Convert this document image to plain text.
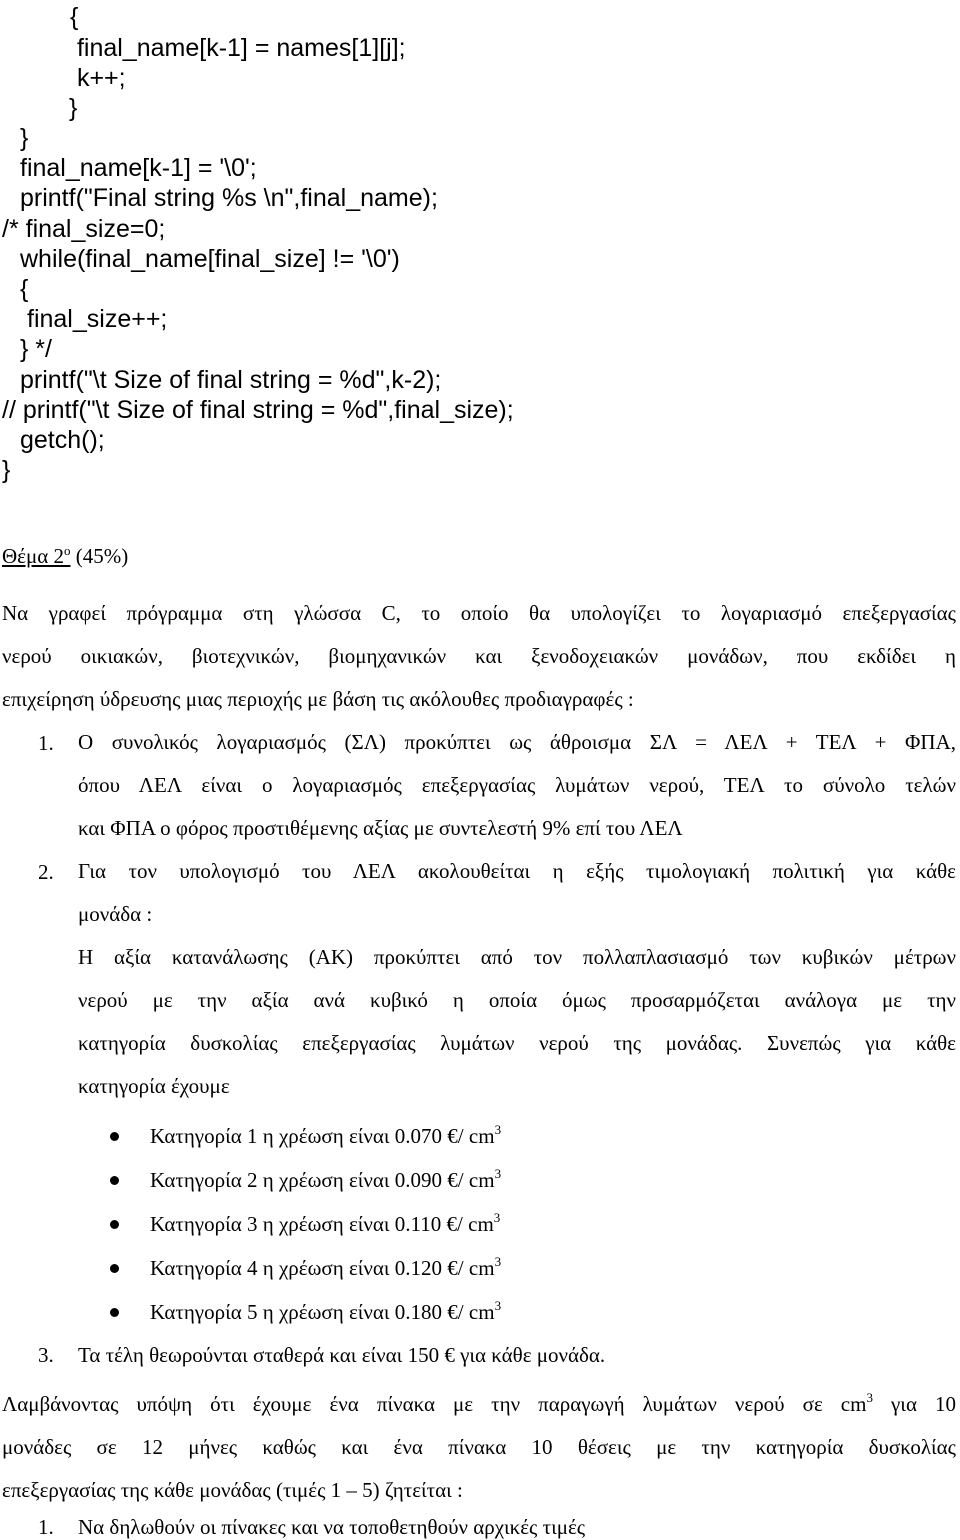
{
final_name[k-1] = names[1][j];
k++;
}
}
final_name[k-1] = '\0';
printf("Final string %s \n",final_name);
/* final_size=0;
while(final_name[final_size] != '\0')
{
final_size++;
} */
printf("\t Size of final string = %d",k-2);
// printf("\t Size of final string = %d",final_size);
getch();
}
Θέμα $2^o$ (45%)
Να γραφεί πρόγραμμα στη γλώσσα C, το οποίο θα υπολογίζει το λογαριασμό επεξεργασίας
νερού οικιακών, βιοτεχνικών, βιομηχανικών και ξενοδοχειακών μονάδων, που εκδίδει η
επιχείρηση ύδρευσης μιας περιοχής με βάση τις ακόλουθες προδιαγραφές :
1. Ο συνολικός λογαριασμός (ΣΛ) προκύπτει ως άθροισμα ΣΛ = ΛΕΛ + ΤΕΛ + ΦΠΑ,
όπου ΛΕΛ είναι ο λογαριασμός επεξεργασίας λυμάτων νερού, ΤΕΛ το σύνολο τελών
και ΦΠΑ ο φόρος προστιθέμενης αξίας με συντελεστή 9% επί του ΛΕΛ
2. Για τον υπολογισμό του ΛΕΛ ακολουθείται η εξής τιμολογιακή πολιτική για κάθε
μονάδα :
Η αξία κατανάλωσης (ΑΚ) προκύπτει από τον πολλαπλασιασμό των κυβικών μέτρων
νερού με την αξία ανά κυβικό η οποία όμως προσαρμόζεται ανάλογα με την
κατηγορία δυσκολίας επεξεργασίας λυμάτων νερού της μονάδας. Συνεπώς για κάθε
κατηγορία έχουμε
Κατηγορία 1 η χρέωση είναι 0.070 €/ $cm^3$
Κατηγορία 2 η χρέωση είναι 0.090 €/ $cm^3$
Κατηγορία 3 η χρέωση είναι 0.110 €/ $cm^3$
Κατηγορία 4 η χρέωση είναι 0.120 €/ $cm^3$
Κατηγορία 5 η χρέωση είναι 0.180 €/ $cm^3$
3. Τα τέλη θεωρούνται σταθερά και είναι 150 € για κάθε μονάδα.
Λαμβάνοντας υπόψη ότι έχουμε ένα πίνακα με την παραγωγή λυμάτων νερού σε $cm^3$ για 10
μονάδες σε 12 μήνες καθώς και ένα πίνακα 10 θέσεις με την κατηγορία δυσκολίας
επεξεργασίας της κάθε μονάδας (τιμές 1 – 5) ζητείται :
1. Να δηλωθούν οι πίνακες και να τοποθετηθούν αρχικές τιμές
